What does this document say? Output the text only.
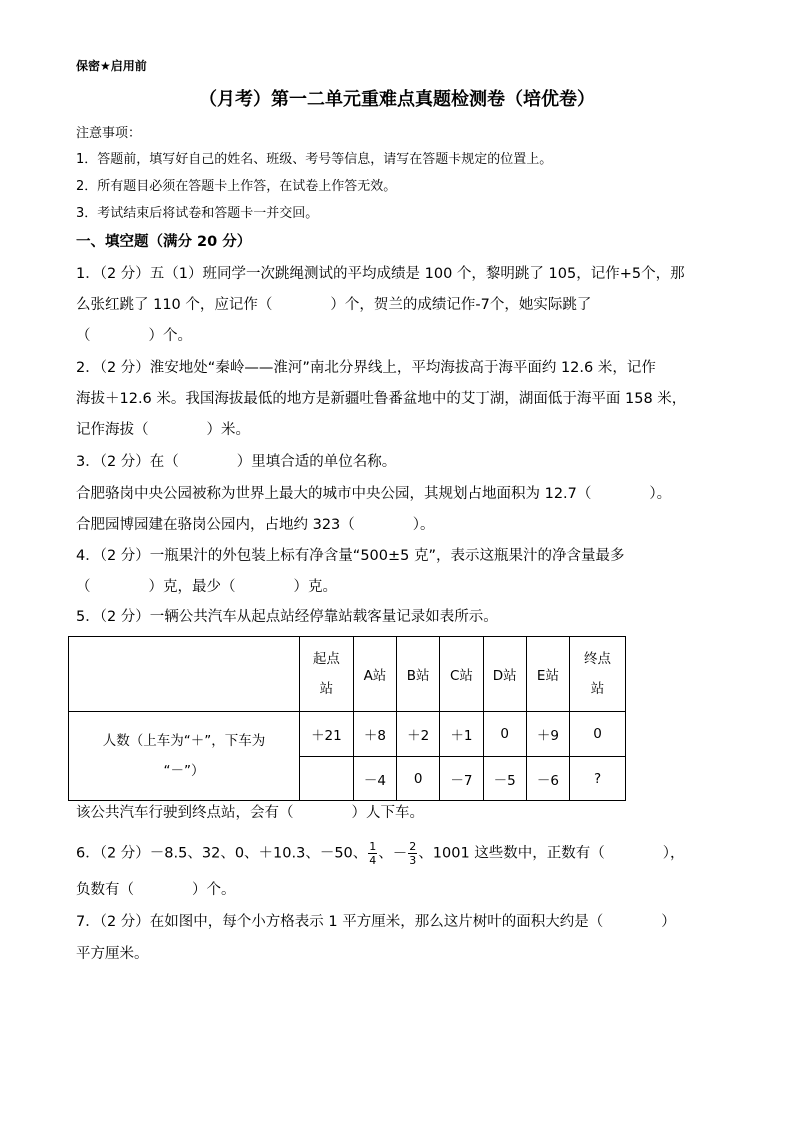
保密★启用前
（月考）第一二单元重难点真题检测卷（培优卷）
注意事项：
1．答题前，填写好自己的姓名、班级、考号等信息，请写在答题卡规定的位置上。
2．所有题目必须在答题卡上作答，在试卷上作答无效。
3．考试结束后将试卷和答题卡一并交回。
一、填空题（满分 20 分）
1．（2 分）五（1）班同学一次跳绳测试的平均成绩是 100 个，黎明跳了 105，记作+5个，那
么张红跳了 110 个，应记作（　　　　）个，贺兰的成绩记作-7个，她实际跳了
（　　　　）个。
2．（2 分）淮安地处“秦岭——淮河”南北分界线上，平均海拔高于海平面约 12.6 米，记作
海拔＋12.6 米。我国海拔最低的地方是新疆吐鲁番盆地中的艾丁湖，湖面低于海平面 158 米，
记作海拔（　　　　）米。
3．（2 分）在（　　　　）里填合适的单位名称。
合肥骆岗中央公园被称为世界上最大的城市中央公园，其规划占地面积为 12.7（　　　　）。
合肥园博园建在骆岗公园内，占地约 323（　　　　）。
4．（2 分）一瓶果汁的外包装上标有净含量“500±5 克”，表示这瓶果汁的净含量最多
（　　　　）克，最少（　　　　）克。
5．（2 分）一辆公共汽车从起点站经停靠站载客量记录如表所示。
	起点
站	A站	B站	C站	D站	E站	终点
站
人数（上车为“＋”，下车为
“－”）	＋21	＋8	＋2	＋1	0	＋9	0
		－4	0	－7	－5	－6	?
该公共汽车行驶到终点站，会有（　　　　）人下车。
6．（2 分）－8.5、32、0、＋10.3、－50、 $\frac{1}{4}$ 、 － $\frac{2}{3}$ 、1001 这些数中，正数有（　　　　），
负数有（　　　　）个。
7．（2 分）在如图中，每个小方格表示 1 平方厘米，那么这片树叶的面积大约是（　　　　）
平方厘米。
